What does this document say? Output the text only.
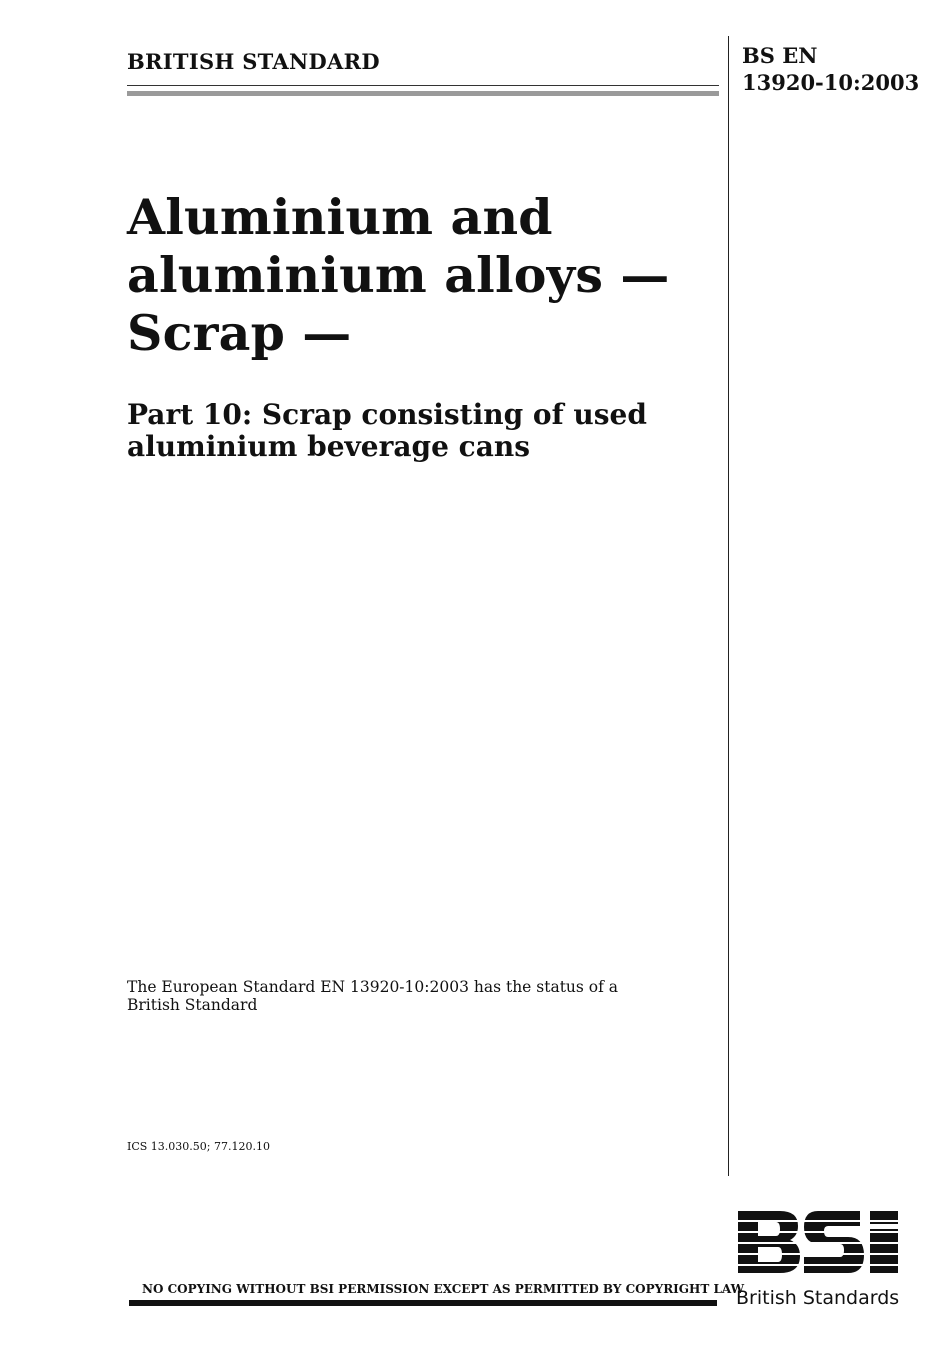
BRITISH STANDARD	BS EN
13920-10:2003
Aluminium and
aluminium alloys —
Scrap —
Part 10: Scrap consisting of used
aluminium beverage cans
The European Standard EN 13920-10:2003 has the status of a
British Standard
ICS 13.030.50; 77.120.10
NO COPYING WITHOUT BSI PERMISSION EXCEPT AS PERMITTED BY COPYRIGHT LAW
British Standards
